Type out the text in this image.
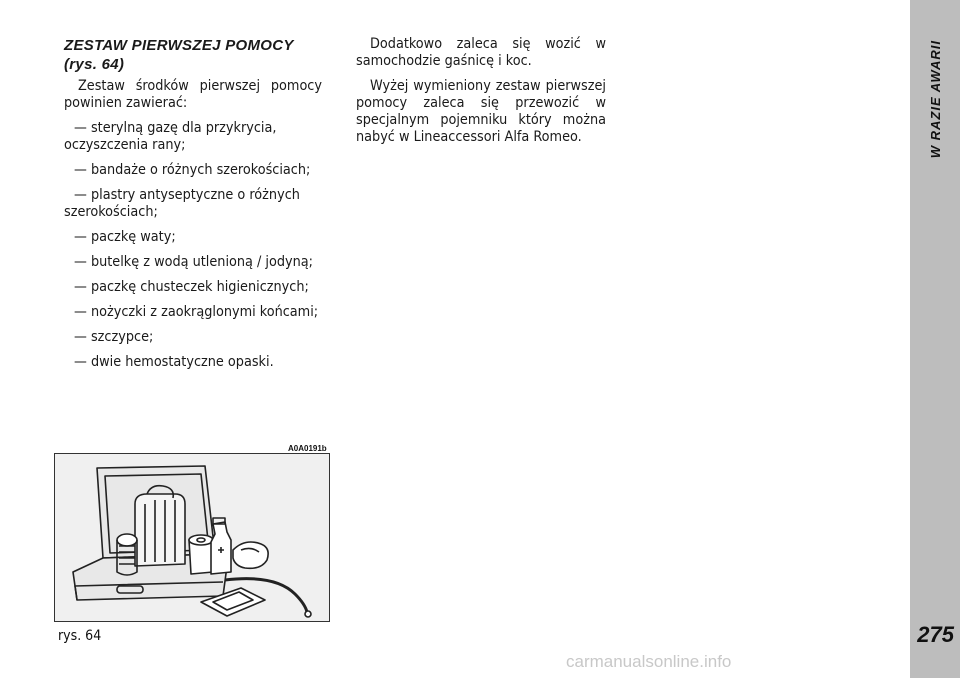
W RAZIE AWARII
275
ZESTAW PIERWSZEJ POMOCY
(rys. 64)

Zestaw środków pierwszej pomocy powinien zawierać:

— sterylną gazę dla przykrycia, oczyszczenia rany;
— bandaże o różnych szerokościach;
— plastry antyseptyczne o różnych szerokościach;
— paczkę waty;
— butelkę z wodą utlenioną / jodyną;
— paczkę chusteczek higienicznych;
— nożyczki z zaokrąglonymi końcami;
— szczypce;
— dwie hemostatyczne opaski.

Dodatkowo zaleca się wozić w samochodzie gaśnicę i koc.

Wyżej wymieniony zestaw pierwszej pomocy zaleca się przewozić w specjalnym pojemniku który można nabyć w Lineaccessori Alfa Romeo.

A0A0191b
rys. 64
carmanualsonline.info
